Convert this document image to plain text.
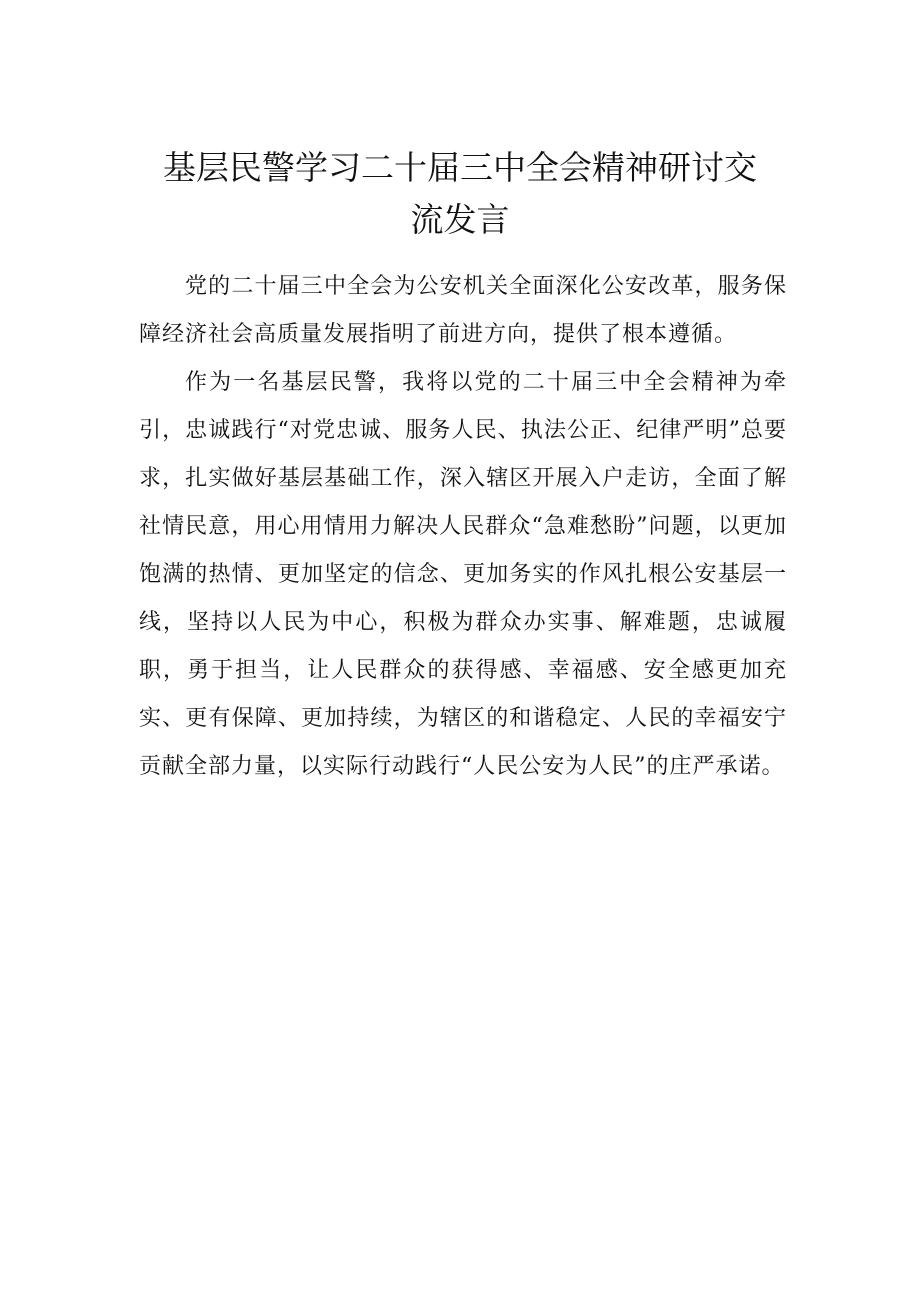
基层民警学习二十届三中全会精神研讨交
流发言

党的二十届三中全会为公安机关全面深化公安改革，服务保障经济社会高质量发展指明了前进方向，提供了根本遵循。

作为一名基层民警，我将以党的二十届三中全会精神为牵引，忠诚践行“对党忠诚、服务人民、执法公正、纪律严明”总要求，扎实做好基层基础工作，深入辖区开展入户走访，全面了解社情民意，用心用情用力解决人民群众“急难愁盼”问题，以更加饱满的热情、更加坚定的信念、更加务实的作风扎根公安基层一线，坚持以人民为中心，积极为群众办实事、解难题，忠诚履职，勇于担当，让人民群众的获得感、幸福感、安全感更加充实、更有保障、更加持续，为辖区的和谐稳定、人民的幸福安宁贡献全部力量，以实际行动践行“人民公安为人民”的庄严承诺。
